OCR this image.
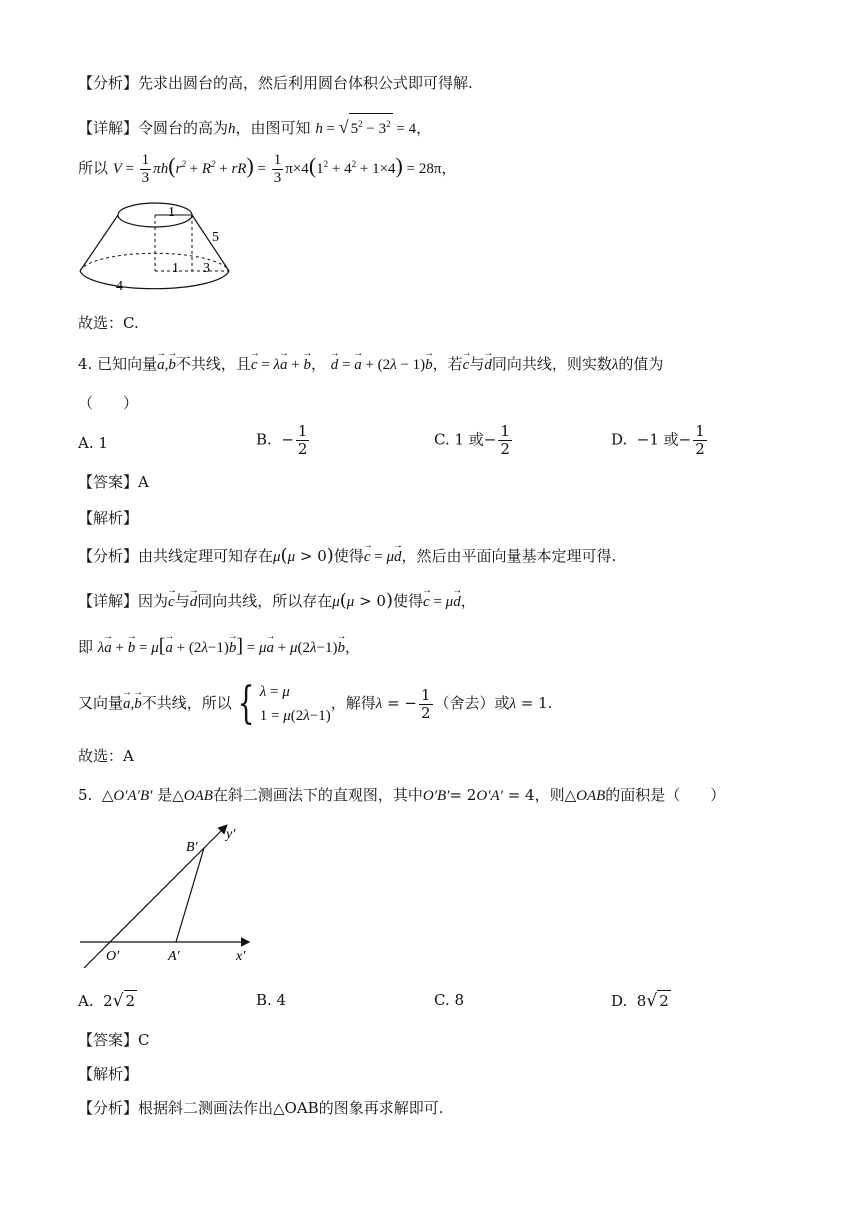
【分析】先求出圆台的高，然后利用圆台体积公式即可得解.
【详解】令圆台的高为h，由图可知 h = √ $5^2 - 3^2 = 4$，
所以 $V = \frac{1}{3} \pi h(r^2 + R^2 + rR) = \frac{1}{3} \pi\times 4(1^2 + 4^2 + 1\times 4) = 28\pi$，
1
5
1 3
4
故选：C.
4. 已知向量→ a,→ b不共线，且→ c = λ→ a + → b， → d = → a + (2λ − 1)→ b，若→ c与→ d同向共线，则实数λ的值为
（　　）
A. 1	B.  − $\frac{1}{2}$	C. 1 或− $\frac{1}{2}$	D.  −1 或− $\frac{1}{2}$
【答案】A
【解析】
【分析】由共线定理可知存在μ(μ > 0)使得→ c = μ→ d，然后由平面向量基本定理可得.
【详解】因为→ c与→ d同向共线，所以存在μ(μ > 0)使得→ c = μ→ d，
即 λ→ a + → b = μ[→ a + (2λ−1)→ b] = μ→ a + μ(2λ−1)→ b，
又向量→ a,→ b不共线，所以 { λ = μ
1 = μ(2λ−1)，解得λ = − $\frac{1}{2}$ （舍去）或λ = 1.
故选：A
5.  △O′A′B′ 是△OAB在斜二测画法下的直观图，其中O′B′= 2O′A′ = 4，则△OAB的面积是（　　）
B′
y′
O′	A′	x′
A.  2√ 2	B. 4	C. 8	D.  8√ 2
【答案】C
【解析】
【分析】根据斜二测画法作出△OAB的图象再求解即可.
